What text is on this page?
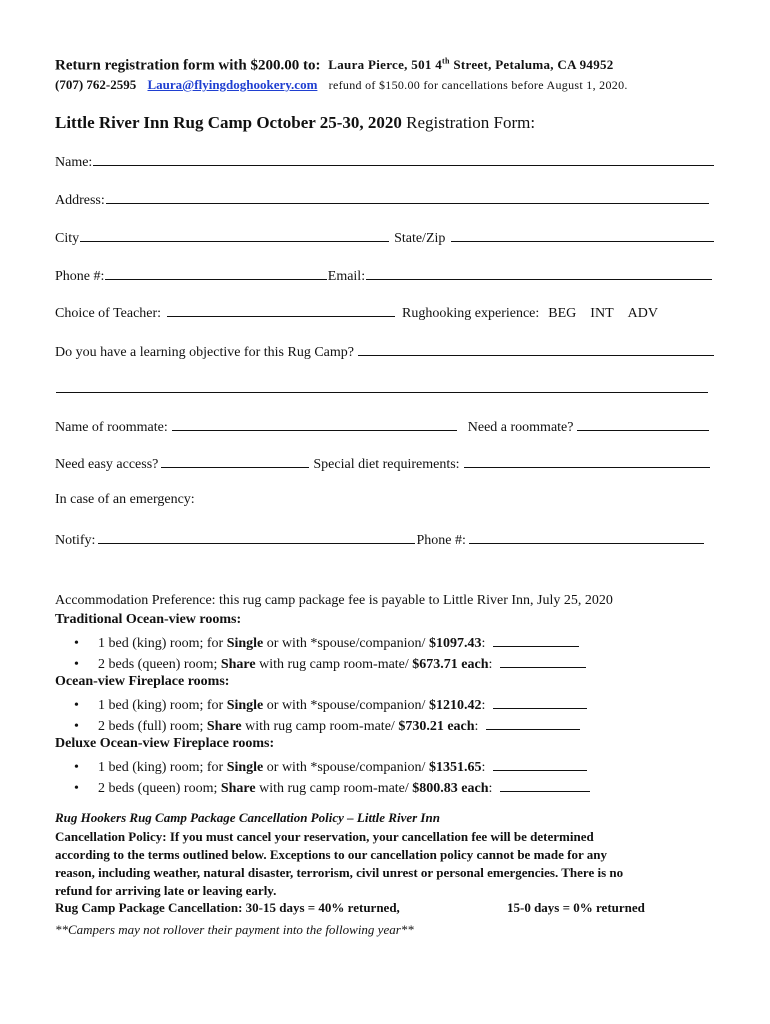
Return registration form with $200.00 to: Laura Pierce, 501 4th Street, Petaluma, CA 94952
(707) 762-2595 Laura@flyingdoghookery.com refund of $150.00 for cancellations before August 1, 2020.
Little River Inn Rug Camp October 25-30, 2020 Registration Form:
Name:
Address:
City	State/Zip
Phone #:	Email:
Choice of Teacher:	Rughooking experience: BEG INT ADV
Do you have a learning objective for this Rug Camp?
Name of roommate:	Need a roommate?
Need easy access?	Special diet requirements:
In case of an emergency:
Notify:	Phone #:
Accommodation Preference: this rug camp package fee is payable to Little River Inn, July 25, 2020
Traditional Ocean-view rooms:
• 1 bed (king) room; for Single or with *spouse/companion/ $1097.43:
• 2 beds (queen) room; Share with rug camp room-mate/ $673.71 each:
Ocean-view Fireplace rooms:
• 1 bed (king) room; for Single or with *spouse/companion/ $1210.42:
• 2 beds (full) room; Share with rug camp room-mate/ $730.21 each:
Deluxe Ocean-view Fireplace rooms:
• 1 bed (king) room; for Single or with *spouse/companion/ $1351.65:
• 2 beds (queen) room; Share with rug camp room-mate/ $800.83 each:
Rug Hookers Rug Camp Package Cancellation Policy – Little River Inn
Cancellation Policy: If you must cancel your reservation, your cancellation fee will be determined
according to the terms outlined below. Exceptions to our cancellation policy cannot be made for any
reason, including weather, natural disaster, terrorism, civil unrest or personal emergencies. There is no
refund for arriving late or leaving early.
Rug Camp Package Cancellation: 30-15 days = 40% returned,	15-0 days = 0% returned
**Campers may not rollover their payment into the following year**
